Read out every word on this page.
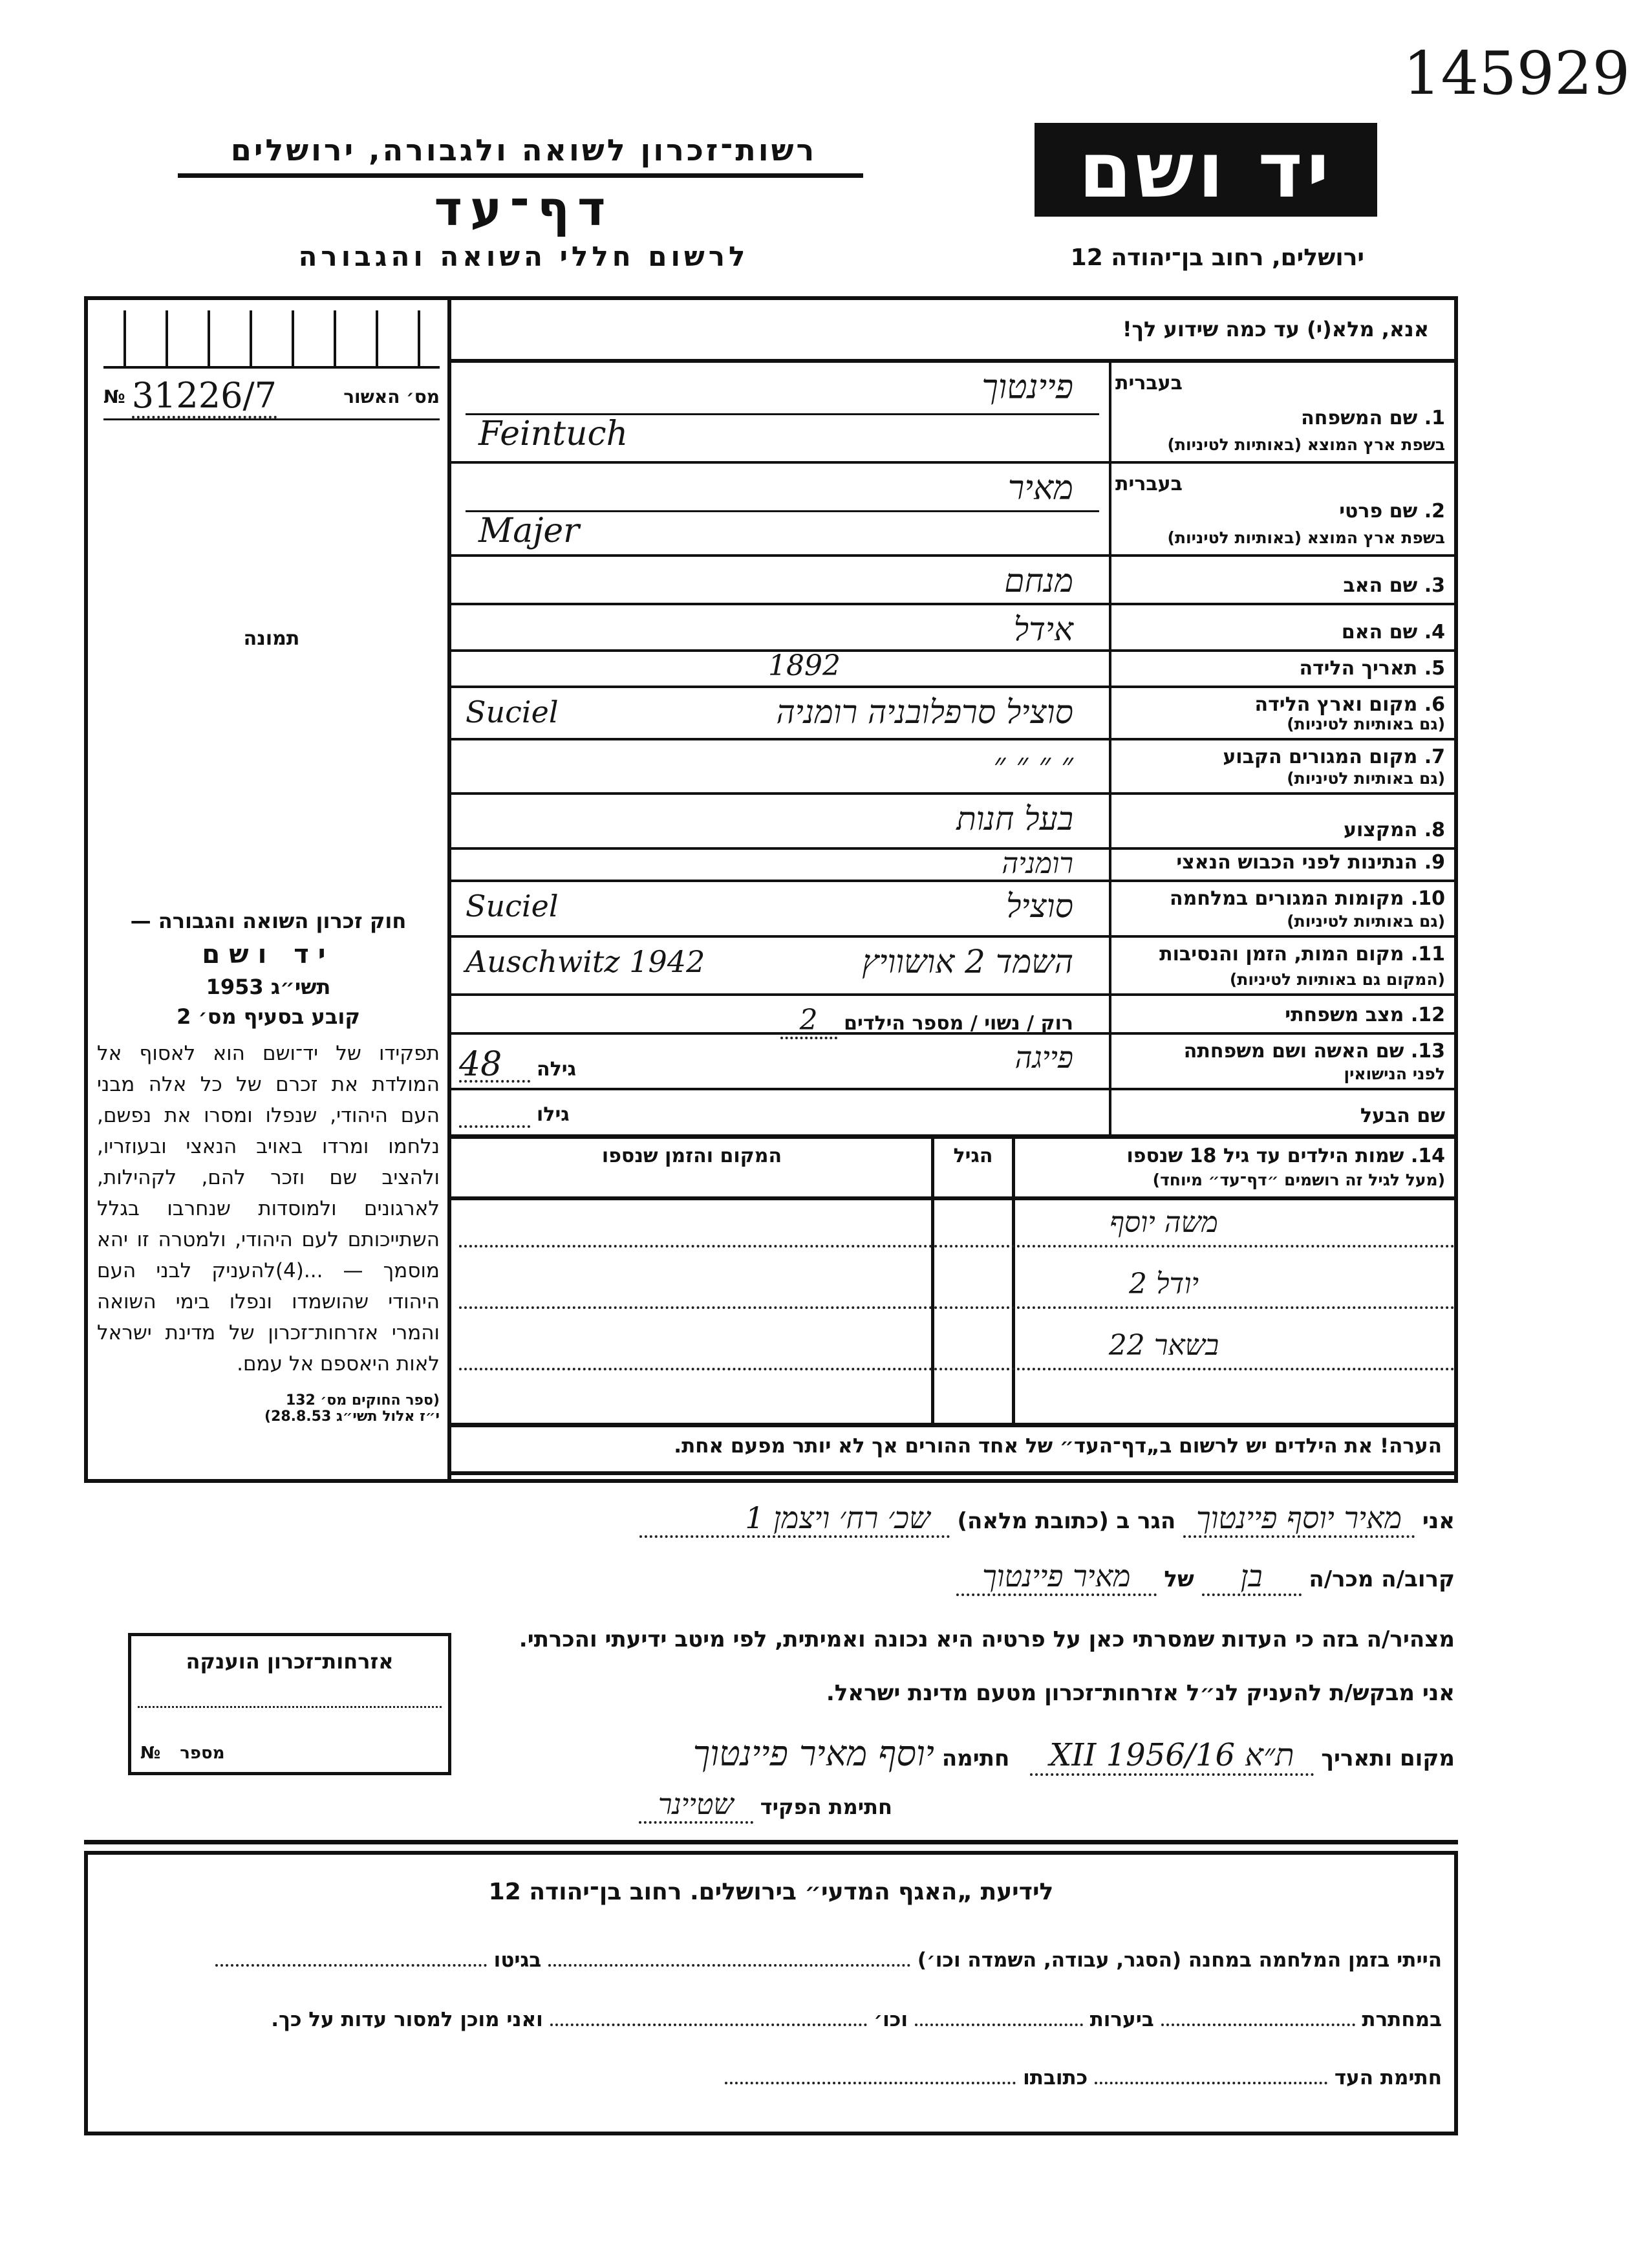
145929
יד ושם
רשות־זכרון לשואה ולגבורה, ירושלים
דף־עד
לרשום חללי השואה והגבורה	ירושלים, רחוב בן־יהודה 12
№ 31226/7	מס׳ האשור
תמונה
חוק זכרון השואה והגבורה —
יד ושם
תשי״ג 1953
קובע בסעיף מס׳ 2
תפקידו של יד־ושם הוא לאסוף אל המולדת את זכרם של כל אלה מבני העם היהודי, שנפלו ומסרו את נפשם, נלחמו ומרדו באויב הנאצי ובעוזריו, ולהציב שם וזכר להם, לקהילות, לארגונים ולמוסדות שנחרבו בגלל השתייכותם לעם היהודי, ולמטרה זו יהא מוסמך — ...(4)להעניק לבני העם היהודי שהושמדו ונפלו בימי השואה והמרי אזרחות־זכרון של מדינת ישראל לאות היאספם אל עמם.
(ספר החוקים מס׳ 132
י״ז אלול תשי״ג 28.8.53)
אנא, מלא(י) עד כמה שידוע לך!
בעברית
1. שם המשפחה
בשפת ארץ המוצא (באותיות לטיניות)
פיינטוך
Feintuch
בעברית
2. שם פרטי
בשפת ארץ המוצא (באותיות לטיניות)
מאיר
Majer
3. שם האב
מנחם
4. שם האם
אידל
5. תאריך הלידה
1892
6. מקום וארץ הלידה
(גם באותיות לטיניות)
סוציל סרפלובניה רומניה
Suciel
7. מקום המגורים הקבוע
(גם באותיות לטיניות)
״ ״ ״ ״
8. המקצוע
בעל חנות
9. הנתינות לפני הכבוש הנאצי
רומניה
10. מקומות המגורים במלחמה
(גם באותיות לטיניות)
סוציל
Suciel
11. מקום המות, הזמן והנסיבות
(המקום גם באותיות לטיניות)
השמד 2 אושוויץ
Auschwitz 1942
12. מצב משפחתי
רוק / נשוי / מספר הילדים 2
13. שם האשה ושם משפחתה
לפני הנישואין
פייגה
גילה
48
שם הבעל
גילו
14. שמות הילדים עד גיל 18 שנספו
(מעל לגיל זה רושמים ״דף־עד״ מיוחד)
הגיל
המקום והזמן שנספו
משה יוסף
יודל 2
בשאר 22
הערה! את הילדים יש לרשום ב„דף־העד״ של אחד ההורים אך לא יותר מפעם אחת.
אני מאיר יוסף פיינטוך הגר ב (כתובת מלאה) שכ׳ רח׳ ויצמן 1
קרוב/ה מכר/ה בן של מאיר פיינטוך
מצהיר/ה בזה כי העדות שמסרתי כאן על פרטיה היא נכונה ואמיתית, לפי מיטב ידיעתי והכרתי.
אני מבקש/ת להעניק לנ״ל אזרחות־זכרון מטעם מדינת ישראל.
מקום ותאריך ת״א 16/XII 1956 חתימה יוסף מאיר פיינטוך
חתימת הפקיד שטיינר
אזרחות־זכרון הוענקה
№ מספר
לידיעת „האגף המדעי״ בירושלים. רחוב בן־יהודה 12
הייתי בזמן המלחמה במחנה (הסגר, עבודה, השמדה וכו׳)  בגיטו
במחתרת  ביערות  וכו׳  ואני מוכן למסור עדות על כך.
חתימת העד  כתובתו
